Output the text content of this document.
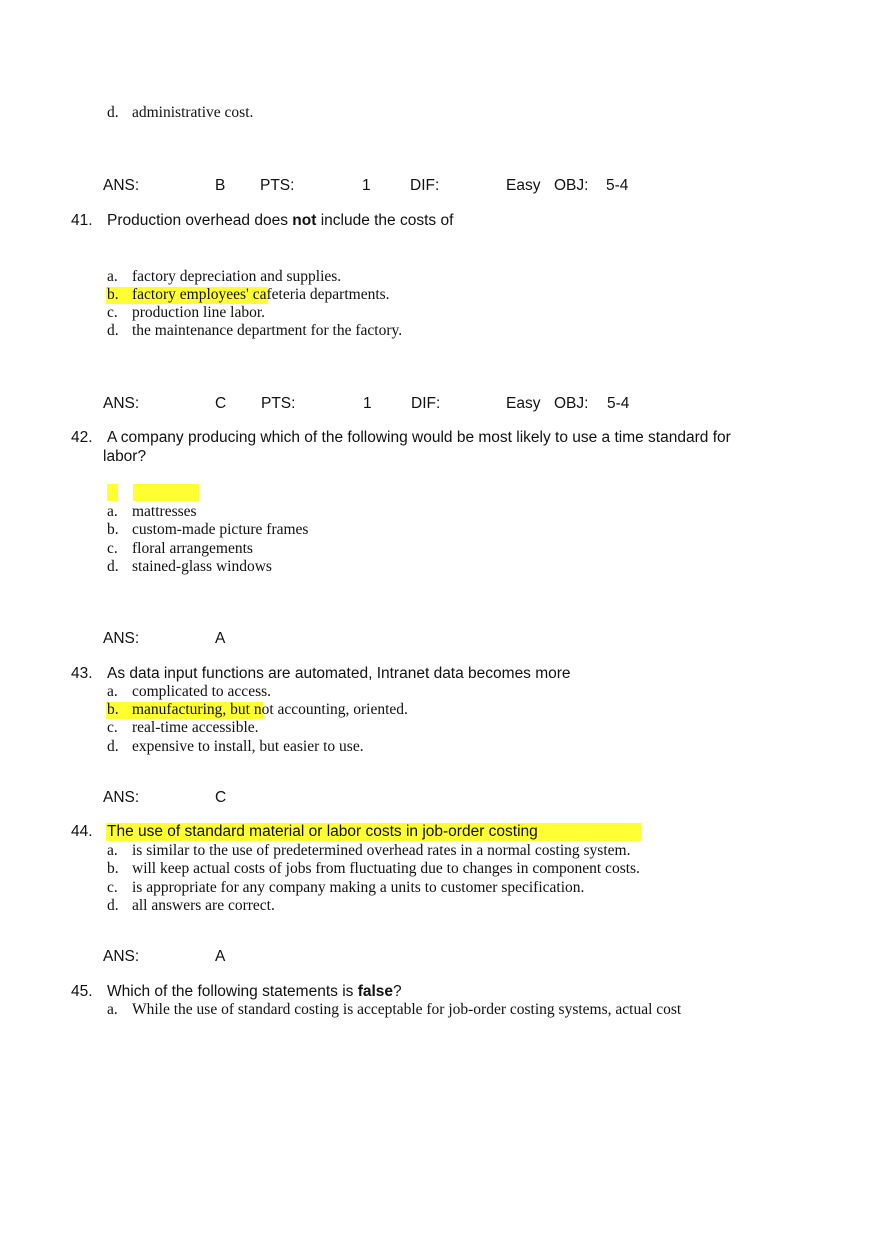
d. administrative cost.
ANS:	B PTS:	1	DIF:	Easy OBJ: 5-4
41. Production overhead does not include the costs of
a. factory depreciation and supplies.
b. factory employees' cafeteria departments.
c. production line labor.
d. the maintenance department for the factory.
ANS:	C PTS:	1	DIF:	Easy OBJ: 5-4
42. A company producing which of the following would be most likely to use a time standard for
labor?
a. mattresses
b. custom-made picture frames
c. floral arrangements
d. stained-glass windows
ANS:	A
43. As data input functions are automated, Intranet data becomes more
a. complicated to access.
b. manufacturing, but not accounting, oriented.
c. real-time accessible.
d. expensive to install, but easier to use.
ANS:	C
44. The use of standard material or labor costs in job-order costing
a. is similar to the use of predetermined overhead rates in a normal costing system.
b. will keep actual costs of jobs from fluctuating due to changes in component costs.
c. is appropriate for any company making a units to customer specification.
d. all answers are correct.
ANS:	A
45. Which of the following statements is false?
a. While the use of standard costing is acceptable for job-order costing systems, actual cost
